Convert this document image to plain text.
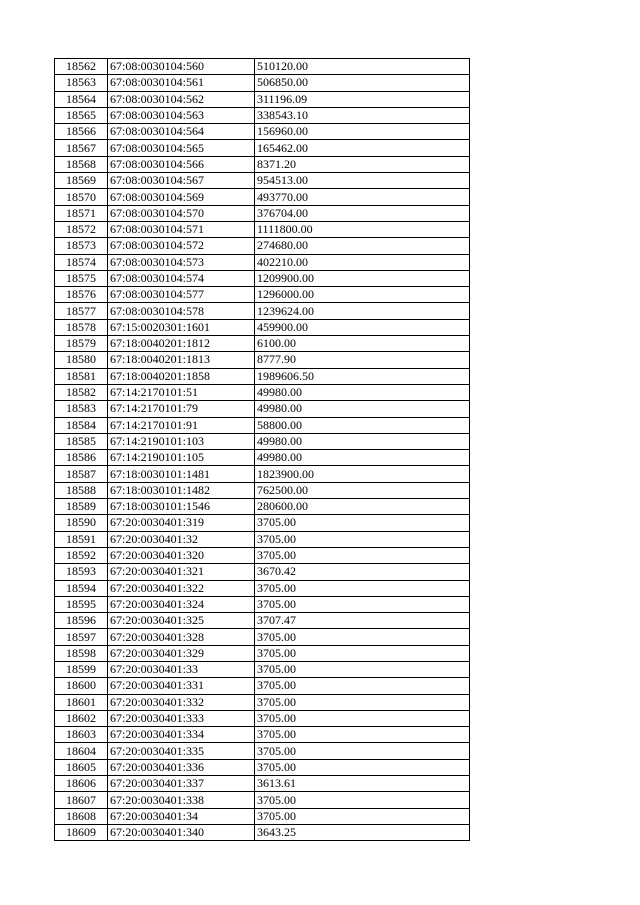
18562	67:08:0030104:560	510120.00
18563	67:08:0030104:561	506850.00
18564	67:08:0030104:562	311196.09
18565	67:08:0030104:563	338543.10
18566	67:08:0030104:564	156960.00
18567	67:08:0030104:565	165462.00
18568	67:08:0030104:566	8371.20
18569	67:08:0030104:567	954513.00
18570	67:08:0030104:569	493770.00
18571	67:08:0030104:570	376704.00
18572	67:08:0030104:571	1111800.00
18573	67:08:0030104:572	274680.00
18574	67:08:0030104:573	402210.00
18575	67:08:0030104:574	1209900.00
18576	67:08:0030104:577	1296000.00
18577	67:08:0030104:578	1239624.00
18578	67:15:0020301:1601	459900.00
18579	67:18:0040201:1812	6100.00
18580	67:18:0040201:1813	8777.90
18581	67:18:0040201:1858	1989606.50
18582	67:14:2170101:51	49980.00
18583	67:14:2170101:79	49980.00
18584	67:14:2170101:91	58800.00
18585	67:14:2190101:103	49980.00
18586	67:14:2190101:105	49980.00
18587	67:18:0030101:1481	1823900.00
18588	67:18:0030101:1482	762500.00
18589	67:18:0030101:1546	280600.00
18590	67:20:0030401:319	3705.00
18591	67:20:0030401:32	3705.00
18592	67:20:0030401:320	3705.00
18593	67:20:0030401:321	3670.42
18594	67:20:0030401:322	3705.00
18595	67:20:0030401:324	3705.00
18596	67:20:0030401:325	3707.47
18597	67:20:0030401:328	3705.00
18598	67:20:0030401:329	3705.00
18599	67:20:0030401:33	3705.00
18600	67:20:0030401:331	3705.00
18601	67:20:0030401:332	3705.00
18602	67:20:0030401:333	3705.00
18603	67:20:0030401:334	3705.00
18604	67:20:0030401:335	3705.00
18605	67:20:0030401:336	3705.00
18606	67:20:0030401:337	3613.61
18607	67:20:0030401:338	3705.00
18608	67:20:0030401:34	3705.00
18609	67:20:0030401:340	3643.25
